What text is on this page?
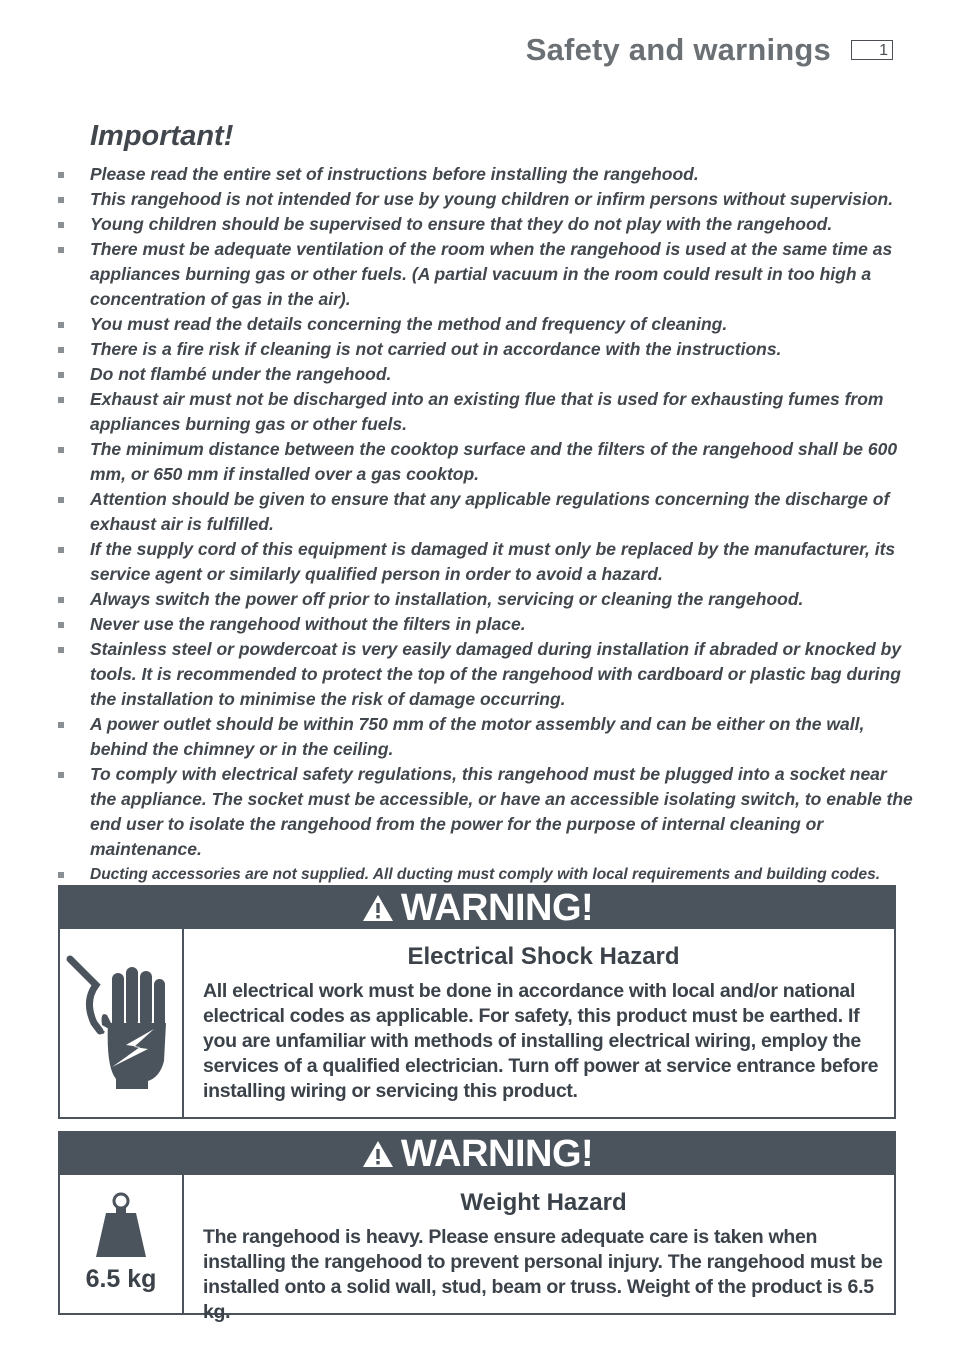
Safety and warnings	1
Important!
Please read the entire set of instructions before installing the rangehood.
This rangehood is not intended for use by young children or infirm persons without supervision.
Young children should be supervised to ensure that they do not play with the rangehood.
There must be adequate ventilation of the room when the rangehood is used at the same time as appliances burning gas or other fuels. (A partial vacuum in the room could result in too high a concentration of gas in the air).
You must read the details concerning the method and frequency of cleaning.
There is a fire risk if cleaning is not carried out in accordance with the instructions.
Do not flambé under the rangehood.
Exhaust air must not be discharged into an existing flue that is used for exhausting fumes from appliances burning gas or other fuels.
The minimum distance between the cooktop surface and the filters of the rangehood shall be 600 mm, or 650 mm if installed over a gas cooktop.
Attention should be given to ensure that any applicable regulations concerning the discharge of exhaust air is fulfilled.
If the supply cord of this equipment is damaged it must only be replaced by the manufacturer, its service agent or similarly qualified person in order to avoid a hazard.
Always switch the power off prior to installation, servicing or cleaning the rangehood.
Never use the rangehood without the filters in place.
Stainless steel or powdercoat is very easily damaged during installation if abraded or knocked by tools. It is recommended to protect the top of the rangehood with cardboard or plastic bag during the installation to minimise the risk of damage occurring.
A power outlet should be within 750 mm of the motor assembly and can be either on the wall, behind the chimney or in the ceiling.
To comply with electrical safety regulations, this rangehood must be plugged into a socket near the appliance. The socket must be accessible, or have an accessible isolating switch, to enable the end user to isolate the rangehood from the power for the purpose of internal cleaning or maintenance.
Ducting accessories are not supplied. All ducting must comply with local requirements and building codes.
WARNING!
Electrical Shock Hazard
All electrical work must be done in accordance with local and/or national electrical codes as applicable. For safety, this product must be earthed. If you are unfamiliar with methods of installing electrical wiring, employ the services of a qualified electrician. Turn off power at service entrance before installing wiring or servicing this product.
WARNING!
6.5 kg
Weight Hazard
The rangehood is heavy. Please ensure adequate care is taken when installing the rangehood to prevent personal injury. The rangehood must be installed onto a solid wall, stud, beam or truss. Weight of the product is 6.5 kg.
